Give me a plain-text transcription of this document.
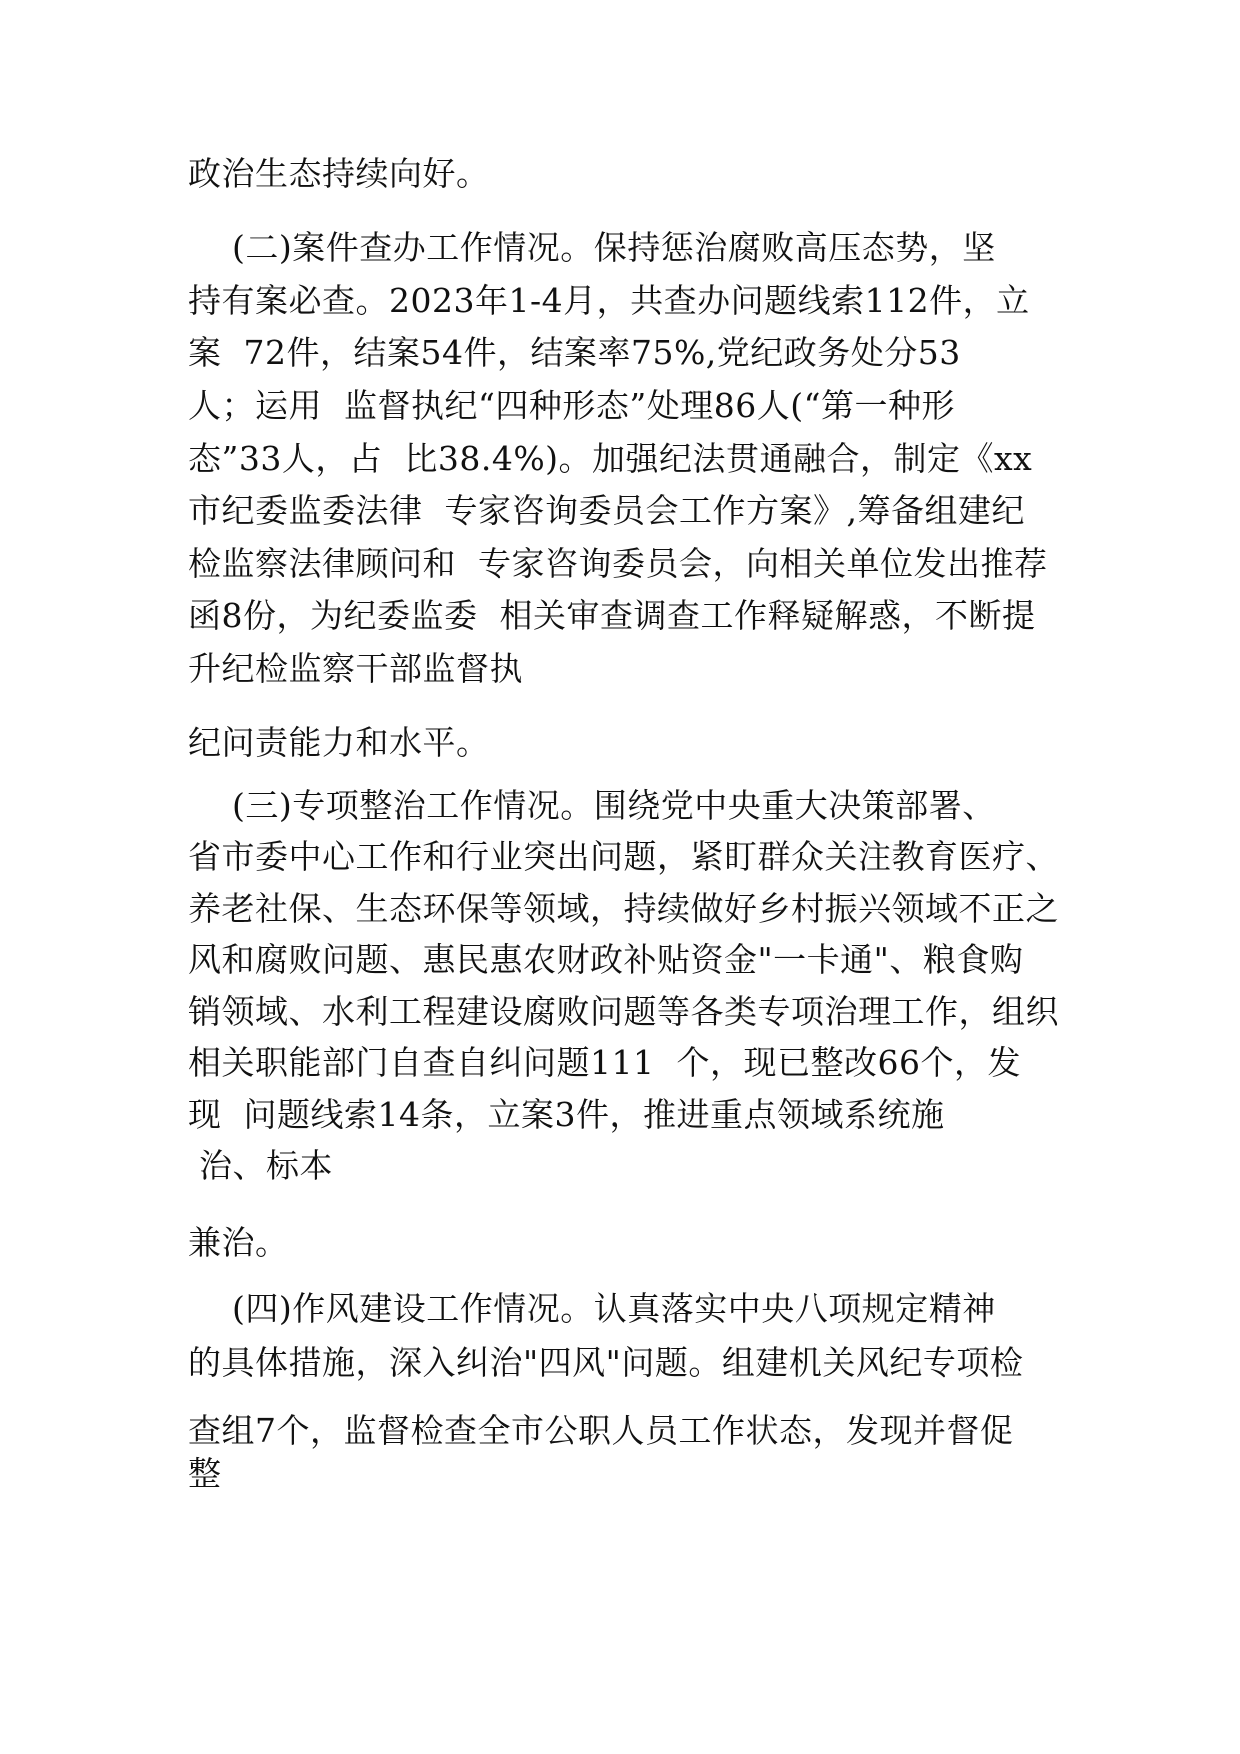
政治生态持续向好。
(二)案件查办工作情况。保持惩治腐败高压态势，坚
持有案必查。2023年1-4月，共查办问题线索112件，立
案  72件，结案54件，结案率75%,党纪政务处分53
人；运用  监督执纪“四种形态”处理86人(“第一种形
态”33人，占  比38.4%)。加强纪法贯通融合，制定《xx
市纪委监委法律  专家咨询委员会工作方案》,筹备组建纪
检监察法律顾问和  专家咨询委员会，向相关单位发出推荐
函8份，为纪委监委  相关审查调查工作释疑解惑，不断提
升纪检监察干部监督执
纪问责能力和水平。
(三)专项整治工作情况。围绕党中央重大决策部署、
省市委中心工作和行业突出问题，紧盯群众关注教育医疗、
养老社保、生态环保等领域，持续做好乡村振兴领域不正之
风和腐败问题、惠民惠农财政补贴资金"一卡通"、粮食购
销领域、水利工程建设腐败问题等各类专项治理工作，组织
相关职能部门自查自纠问题111  个，现已整改66个，发
现  问题线索14条，立案3件，推进重点领域系统施
治、标本
兼治。
(四)作风建设工作情况。认真落实中央八项规定精神
的具体措施，深入纠治"四风"问题。组建机关风纪专项检
查组7个，监督检查全市公职人员工作状态，发现并督促
整
